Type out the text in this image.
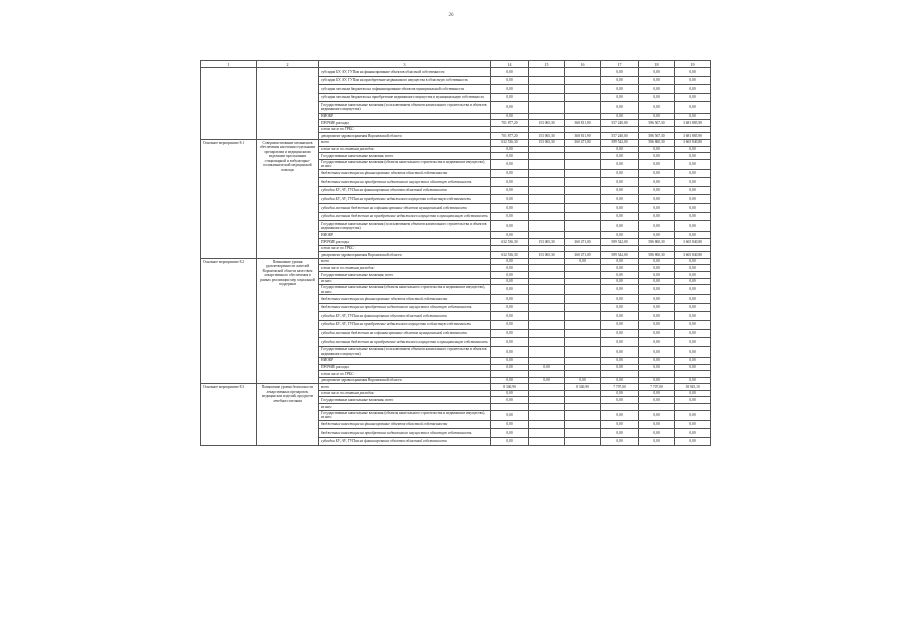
26
1	2	3	14	15	16	17	18	19
		субсидии БУ, АУ, ГУПам на финансирование объектов областной собственности	0,00			0,00	0,00	0,00
		субсидии БУ, АУ, ГУПам на приобретение недвижимого имущества в областную собственность	0,00			0,00	0,00	0,00
		субсидии местным бюджетам на софинансирование объектов муниципальной собственности	0,00			0,00	0,00	0,00
		субсидии местным бюджетам на приобретение недвижимого имущества в муниципальную собственность	0,00			0,00	0,00	0,00
		Государственные капитальные вложения (за исключением объектов капитального строительства и объектов недвижимого имущества)	0,00			0,00	0,00	0,00
		НИОКР	0,00			0,00	0,00	0,00
		ПРОЧИЕ расходы	701 877,20	153 065,30	368 811,90	557 240,00	586 567,30	3 681 885,90
		в том числе по ГРБС:						
		департамент здравоохранения Воронежской области	701 877,20	153 065,30	368 811,90	557 240,00	586 567,30	3 681 885,90
Основное мероприятие 8.1	Совершенствование механизмов обеспечения населения отдельными препаратами и медицинскими изделиями при оказании стационарной и амбулаторно-поликлинической медицинской помощи	всего	632 536,30	153 065,30	360 471,00	589 542,00	586 860,30	3 665 840,80
		в том числе по статьям расходов:	0,00			0,00	0,00	0,00
		Государственные капитальные вложения, всего	0,00			0,00	0,00	0,00
		Государственные капитальные вложения (объекты капитального строительства и недвижимое имущество), из них:	0,00			0,00	0,00	0,00
		бюджетные инвестиции на финансирование объектов областной собственности	0,00			0,00	0,00	0,00
		бюджетные инвестиции на приобретение недвижимого имущества в областную собственность	0,00			0,00	0,00	0,00
		субсидии БУ, АУ, ГУПам на финансирование объектов областной собственности	0,00			0,00	0,00	0,00
		субсидии БУ, АУ, ГУПам на приобретение недвижимого имущества в областную собственность	0,00			0,00	0,00	0,00
		субсидии местным бюджетам на софинансирование объектов муниципальной собственности	0,00			0,00	0,00	0,00
		субсидии местным бюджетам на приобретение недвижимого имущества в муниципальную собственность	0,00			0,00	0,00	0,00
		Государственные капитальные вложения (за исключением объектов капитального строительства и объектов недвижимого имущества)	0,00			0,00	0,00	0,00
		НИОКР	0,00			0,00	0,00	0,00
		ПРОЧИЕ расходы	632 536,30	153 065,30	360 471,00	589 542,00	586 860,30	3 665 840,80
		в том числе по ГРБС:						
		департамент здравоохранения Воронежской области	632 536,30	153 065,30	360 471,00	589 542,00	586 860,30	3 665 840,80
Основное мероприятие 8.2	Повышение уровня удовлетворенности жителей Воронежской области качеством лекарственного обеспечения в рамках реализации мер социальной поддержки	всего	0,00		0,00	0,00	0,00	0,00
		в том числе по статьям расходов:	0,00			0,00	0,00	0,00
		Государственные капитальные вложения, всего	0,00			0,00	0,00	0,00
		из них:	0,00			0,00	0,00	0,00
		Государственные капитальные вложения (объекты капитального строительства и недвижимое имущество), из них:	0,00			0,00	0,00	0,00
		бюджетные инвестиции на финансирование объектов областной собственности	0,00			0,00	0,00	0,00
		бюджетные инвестиции на приобретение недвижимого имущества в областную собственность	0,00			0,00	0,00	0,00
		субсидии БУ, АУ, ГУПам на финансирование объектов областной собственности	0,00			0,00	0,00	0,00
		субсидии БУ, АУ, ГУПам на приобретение недвижимого имущества в областную собственность	0,00			0,00	0,00	0,00
		субсидии местным бюджетам на софинансирование объектов муниципальной собственности	0,00			0,00	0,00	0,00
		субсидии местным бюджетам на приобретение недвижимого имущества в муниципальную собственность	0,00			0,00	0,00	0,00
		Государственные капитальные вложения (за исключением объектов капитального строительства и объектов недвижимого имущества)	0,00			0,00	0,00	0,00
		НИОКР	0,00			0,00	0,00	0,00
		ПРОЧИЕ расходы	0,00	0,00		0,00	0,00	0,00
		в том числе по ГРБС:						
		департамент здравоохранения Воронежской области	0,00	0,00	0,00	0,00	0,00	0,00
Основное мероприятие 8.3	Повышение уровня безопасности лекарственных препаратов, медицинских изделий, продуктов лечебного питания	всего	8 340,90		8 340,90	7 707,00	7 707,00	18 945,10
		в том числе по статьям расходов:	0,00			0,00	0,00	0,00
		Государственные капитальные вложения, всего	0,00			0,00	0,00	0,00
		из них:						
		Государственные капитальные вложения (объекты капитального строительства и недвижимое имущество), из них:	0,00			0,00	0,00	0,00
		бюджетные инвестиции на финансирование объектов областной собственности	0,00			0,00	0,00	0,00
		бюджетные инвестиции на приобретение недвижимого имущества в областную собственность	0,00			0,00	0,00	0,00
		субсидии БУ, АУ, ГУПам на финансирование объектов областной собственности	0,00			0,00	0,00	0,00
